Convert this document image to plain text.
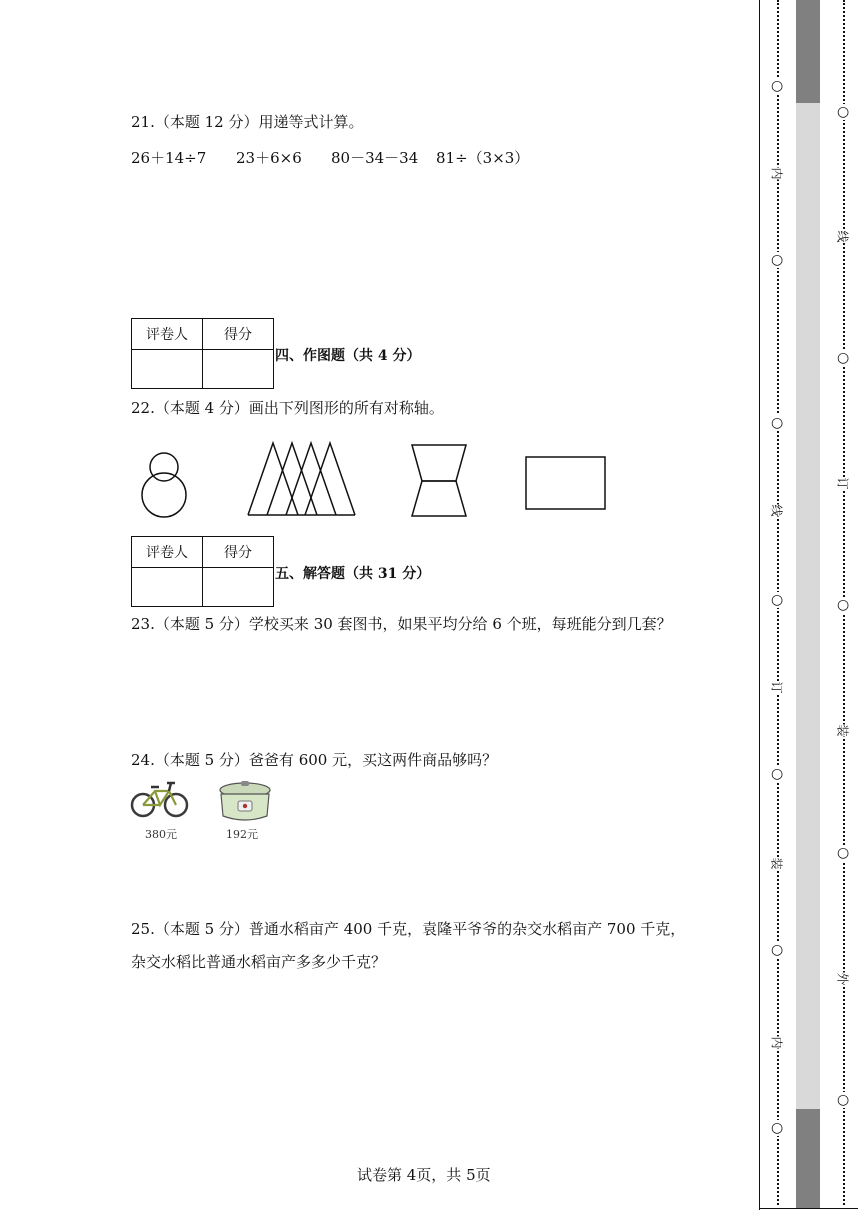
21.（本题 12 分）用递等式计算。
26＋14÷7 23＋6×6 80－34－34 81÷（3×3）
评卷人	得分

四、作图题（共 4 分）
22.（本题 4 分）画出下列图形的所有对称轴。
评卷人	得分

五、解答题（共 31 分）
23.（本题 5 分）学校买来 30 套图书，如果平均分给 6 个班，每班能分到几套？
24.（本题 5 分）爸爸有 600 元，买这两件商品够吗？
380元	192元
25.（本题 5 分）普通水稻亩产 400 千克，袁隆平爷爷的杂交水稻亩产 700 千克，
杂交水稻比普通水稻亩产多多少千克？
试卷第 4页，共 5页
○
内
○
○
线
○
订
○
装
○
内
○
○
线
○
订
○
装
○
外
○
